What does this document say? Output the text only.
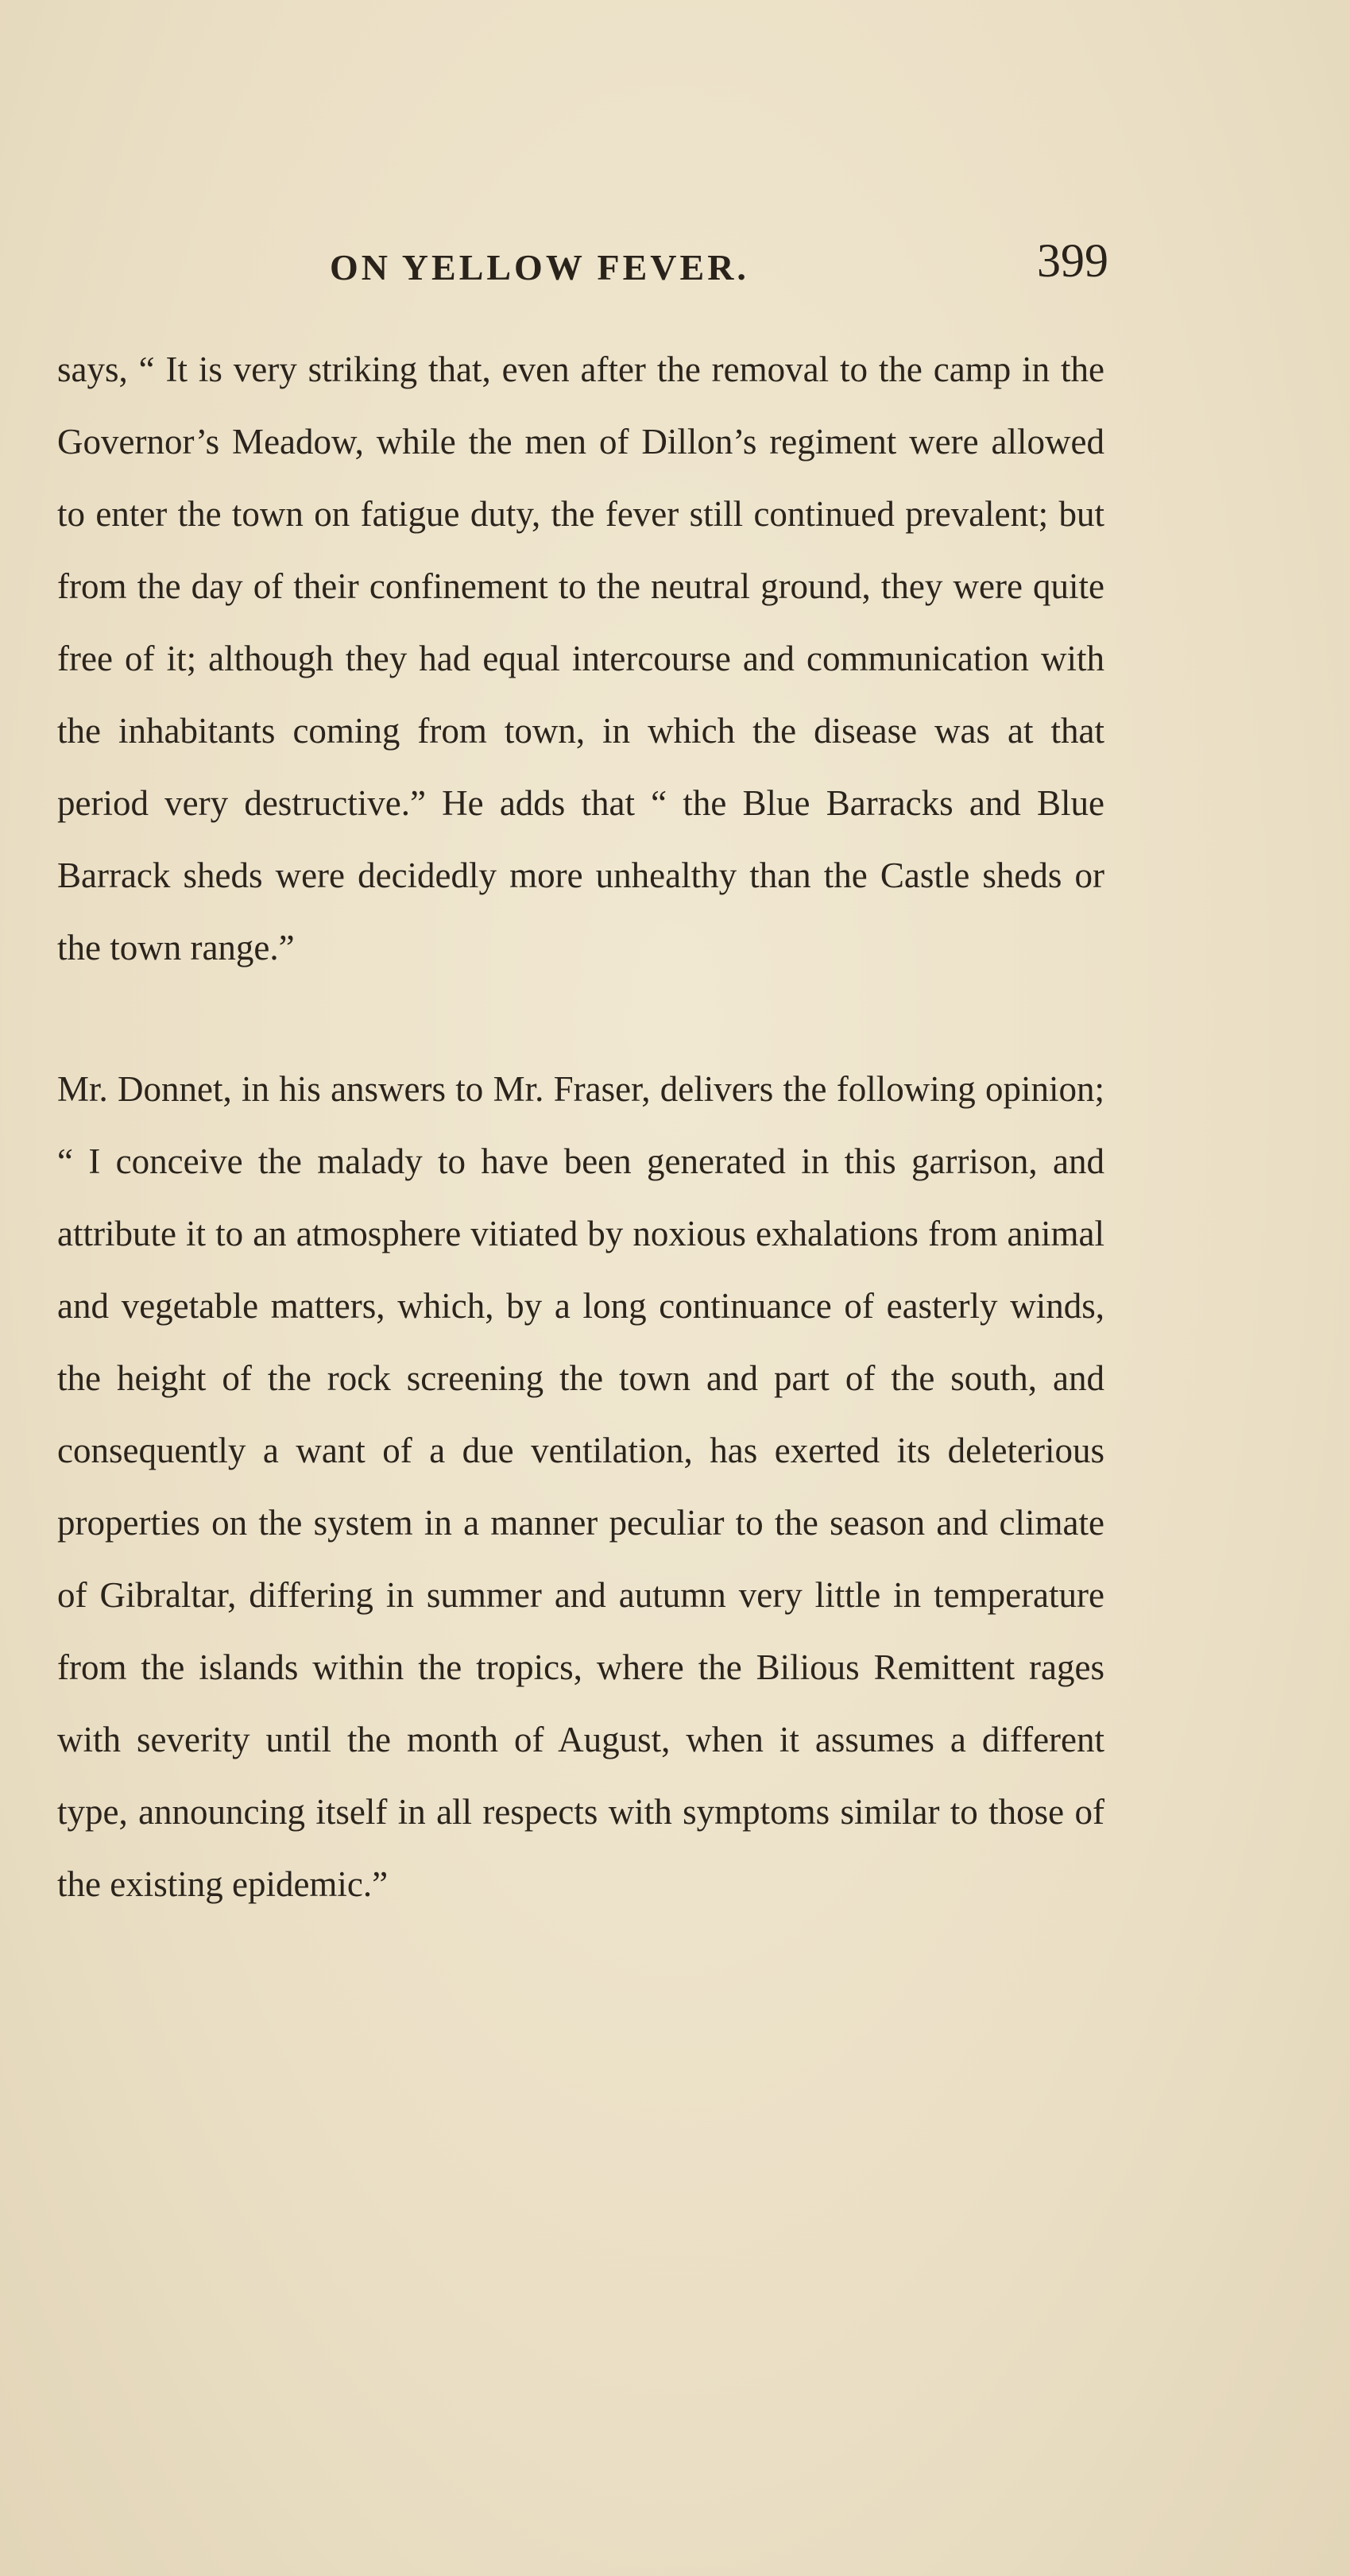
ON YELLOW FEVER.	399

says, “ It is very striking that, even after the removal to the camp in the Governor’s Meadow, while the men of Dillon’s regiment were allowed to enter the town on fatigue duty, the fever still continued prevalent; but from the day of their confinement to the neutral ground, they were quite free of it; although they had equal intercourse and communication with the inhabitants coming from town, in which the disease was at that period very destructive.” He adds that “ the Blue Barracks and Blue Barrack sheds were decidedly more unhealthy than the Castle sheds or the town range.”

Mr. Donnet, in his answers to Mr. Fraser, delivers the following opinion; “ I conceive the malady to have been generated in this garrison, and attribute it to an atmosphere vitiated by noxious exhalations from animal and vegetable matters, which, by a long continuance of easterly winds, the height of the rock screening the town and part of the south, and consequently a want of a due ventilation, has exerted its deleterious properties on the system in a manner peculiar to the season and climate of Gibraltar, differing in summer and autumn very little in temperature from the islands within the tropics, where the Bilious Remittent rages with severity until the month of August, when it assumes a different type, announcing itself in all respects with symptoms similar to those of the existing epidemic.”
